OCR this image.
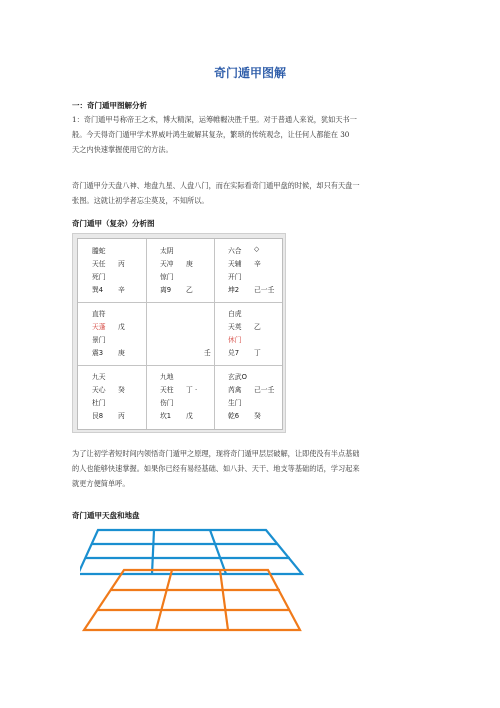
奇门遁甲图解
一：奇门遁甲图解分析
1：奇门遁甲号称帝王之术，博大精深，运筹帷幄决胜千里。对于普通人来说，犹如天书一
般。今天得奇门遁甲学术界威叶鸿生破解其复杂，繁琐的传统观念，让任何人都能在 30
天之内快速掌握使用它的方法。
奇门遁甲分天盘八神、地盘九星、人盘八门，而在实际看奇门遁甲盘的时候，却只有天盘一
张图。这就让初学者忘尘莫及，不知所以。
奇门遁甲（复杂）分析图
螣蛇
天任 丙
死门
巽4 辛
太阴
天冲 庚
惊门
离9 乙
六合 ◇
天辅 辛
开门
坤2 己一壬
直符
天蓬 戊
景门
震3 庚	壬
白虎
天英 乙
休门
兑7 丁
九天
天心 癸
杜门
艮8 丙
九地
天柱 丁 ·
伤门
坎1 戊
玄武O
芮禽 己一壬
生门
乾6 癸
为了让初学者短时间内领悟奇门遁甲之原理，现将奇门遁甲层层破解，让即使没有半点基础
的人也能够快速掌握。如果你已经有易经基础、如八卦、天干、地支等基础的话，学习起来
就更方便简单呼。
奇门遁甲天盘和地盘
